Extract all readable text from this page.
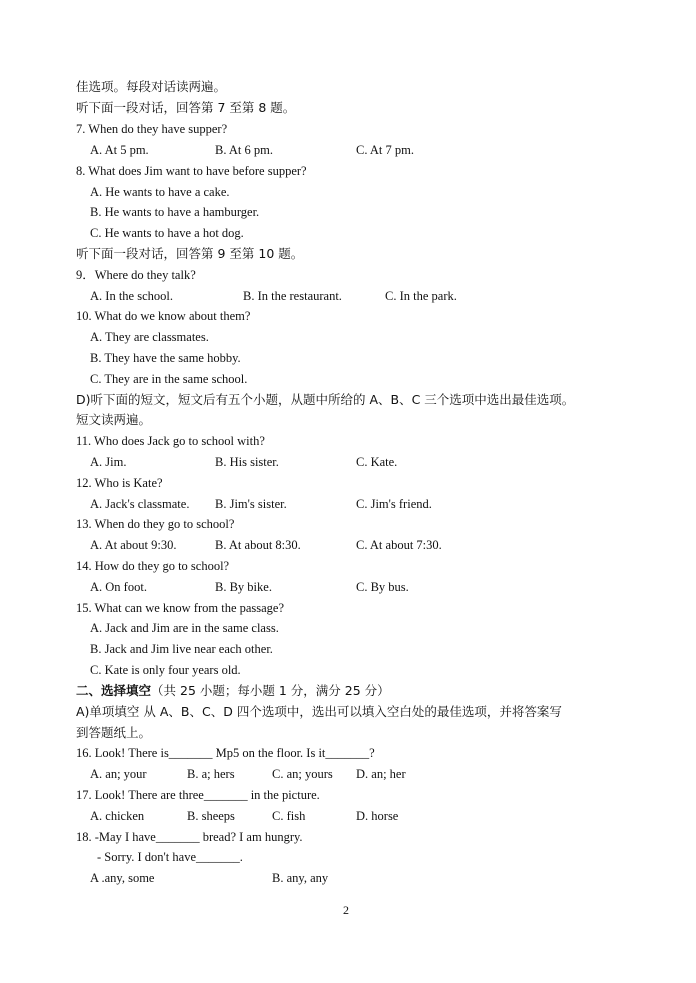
佳选项。每段对话读两遍。
听下面一段对话，回答第 7 至第 8 题。
7. When do they have supper?
A. At 5 pm.	B. At 6 pm.	C. At 7 pm.
8. What does Jim want to have before supper?
A. He wants to have a cake.
B. He wants to have a hamburger.
C. He wants to have a hot dog.
听下面一段对话，回答第 9 至第 10 题。
9．Where do they talk?
A. In the school.	B. In the restaurant.	C. In the park.
10. What do we know about them?
A. They are classmates.
B. They have the same hobby.
C. They are in the same school.
D)听下面的短文，短文后有五个小题，从题中所给的 A、B、C 三个选项中选出最佳选项。
短文读两遍。
11. Who does Jack go to school with?
A. Jim.	B. His sister.	C. Kate.
12. Who is Kate?
A. Jack's classmate. B. Jim's sister.	C. Jim's friend.
13. When do they go to school?
A. At about 9:30.	B. At about 8:30.	C. At about 7:30.
14. How do they go to school?
A. On foot.	B. By bike.	C. By bus.
15. What can we know from the passage?
A. Jack and Jim are in the same class.
B. Jack and Jim live near each other.
C. Kate is only four years old.
二、选择填空（共 25 小题；每小题 1 分，满分 25 分）
A)单项填空 从 A、B、C、D 四个选项中，选出可以填入空白处的最佳选项，并将答案写
到答题纸上。
16. Look! There is_______ Mp5 on the floor. Is it_______?
A. an; your	B. a; hers	C. an; yours D. an; her
17. Look! There are three_______ in the picture.
A. chicken	B. sheeps	C. fish	D. horse
18. -May I have_______ bread? I am hungry.
- Sorry. I don't have_______.
A .any, some	B. any, any
2
